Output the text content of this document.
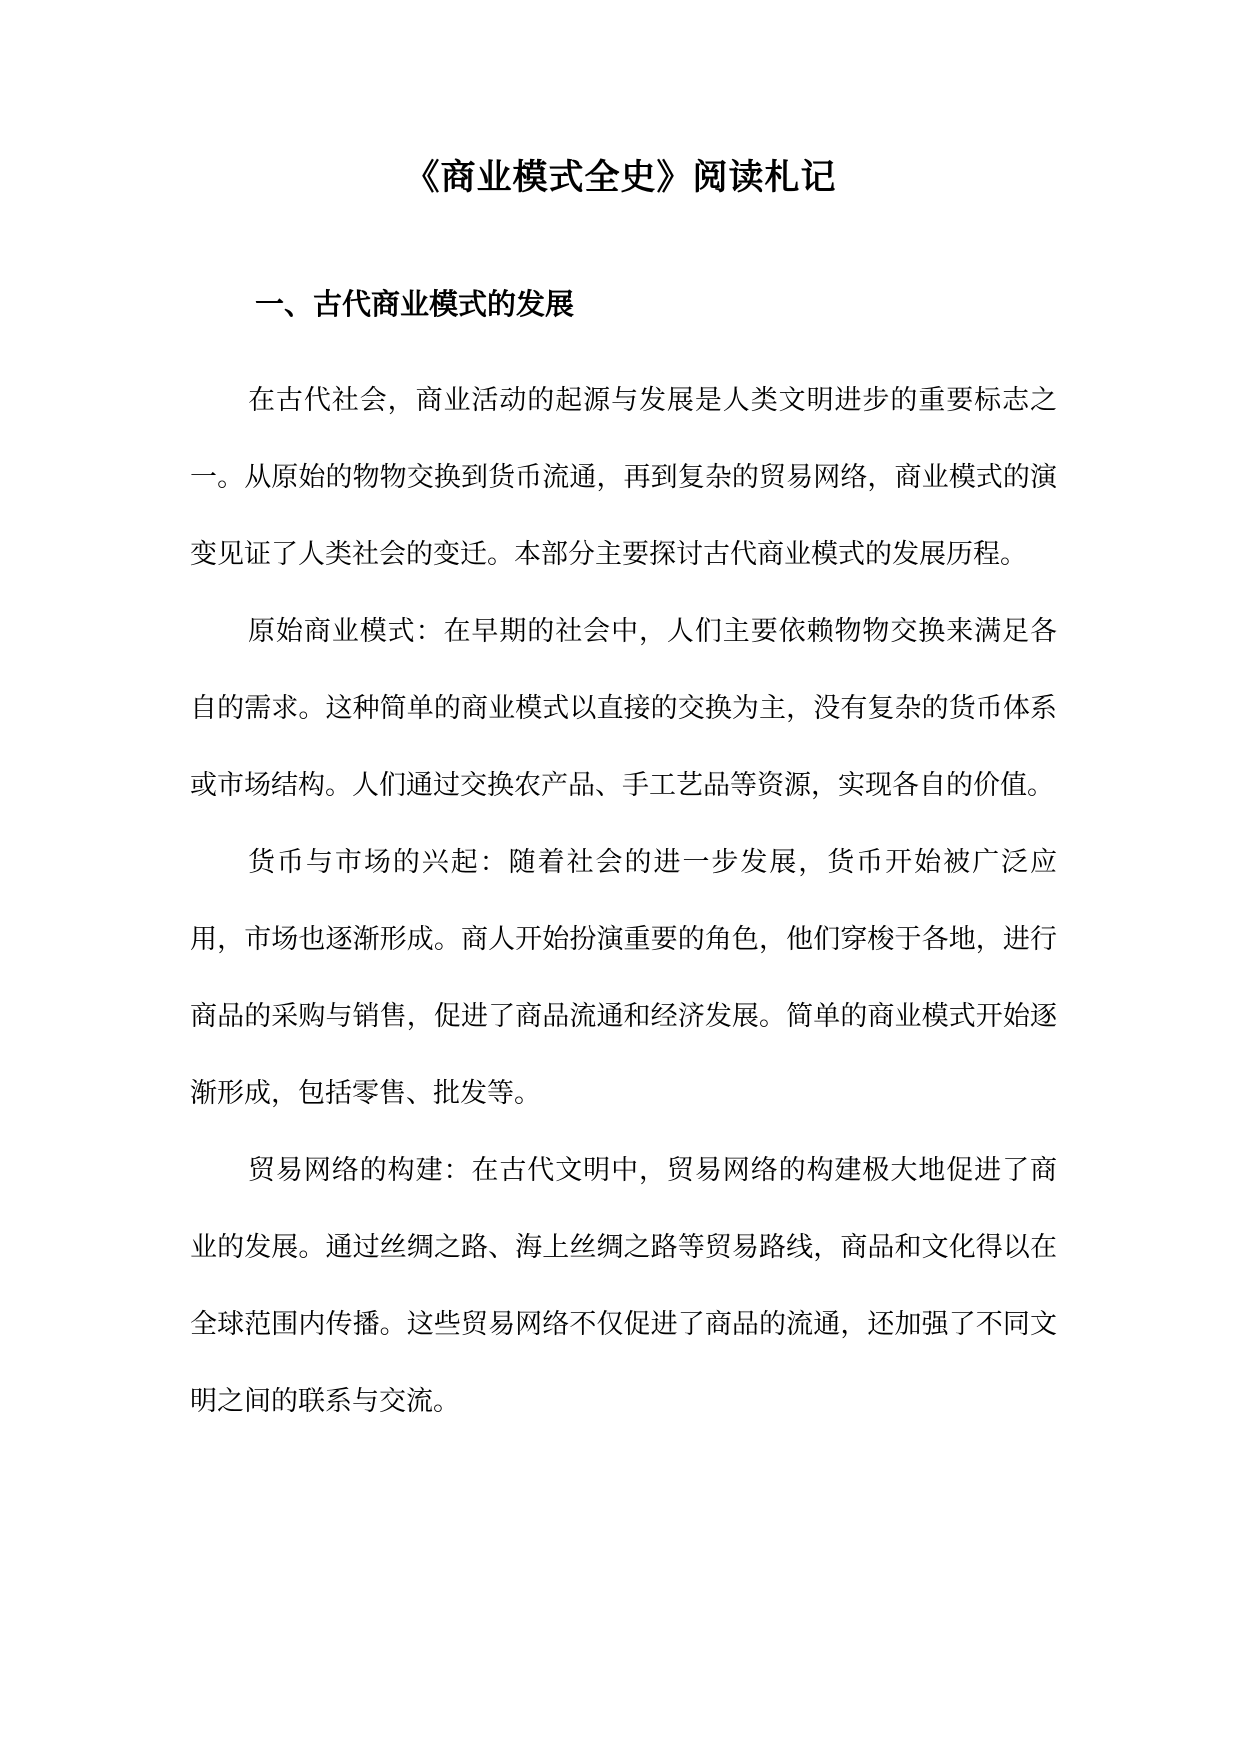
《商业模式全史》阅读札记
一、古代商业模式的发展

在古代社会，商业活动的起源与发展是人类文明进步的重要标志之一。从原始的物物交换到货币流通，再到复杂的贸易网络，商业模式的演变见证了人类社会的变迁。本部分主要探讨古代商业模式的发展历程。

原始商业模式：在早期的社会中，人们主要依赖物物交换来满足各自的需求。这种简单的商业模式以直接的交换为主，没有复杂的货币体系或市场结构。人们通过交换农产品、手工艺品等资源，实现各自的价值。

货币与市场的兴起：随着社会的进一步发展，货币开始被广泛应用，市场也逐渐形成。商人开始扮演重要的角色，他们穿梭于各地，进行商品的采购与销售，促进了商品流通和经济发展。简单的商业模式开始逐渐形成，包括零售、批发等。

贸易网络的构建：在古代文明中，贸易网络的构建极大地促进了商业的发展。通过丝绸之路、海上丝绸之路等贸易路线，商品和文化得以在全球范围内传播。这些贸易网络不仅促进了商品的流通，还加强了不同文明之间的联系与交流。
